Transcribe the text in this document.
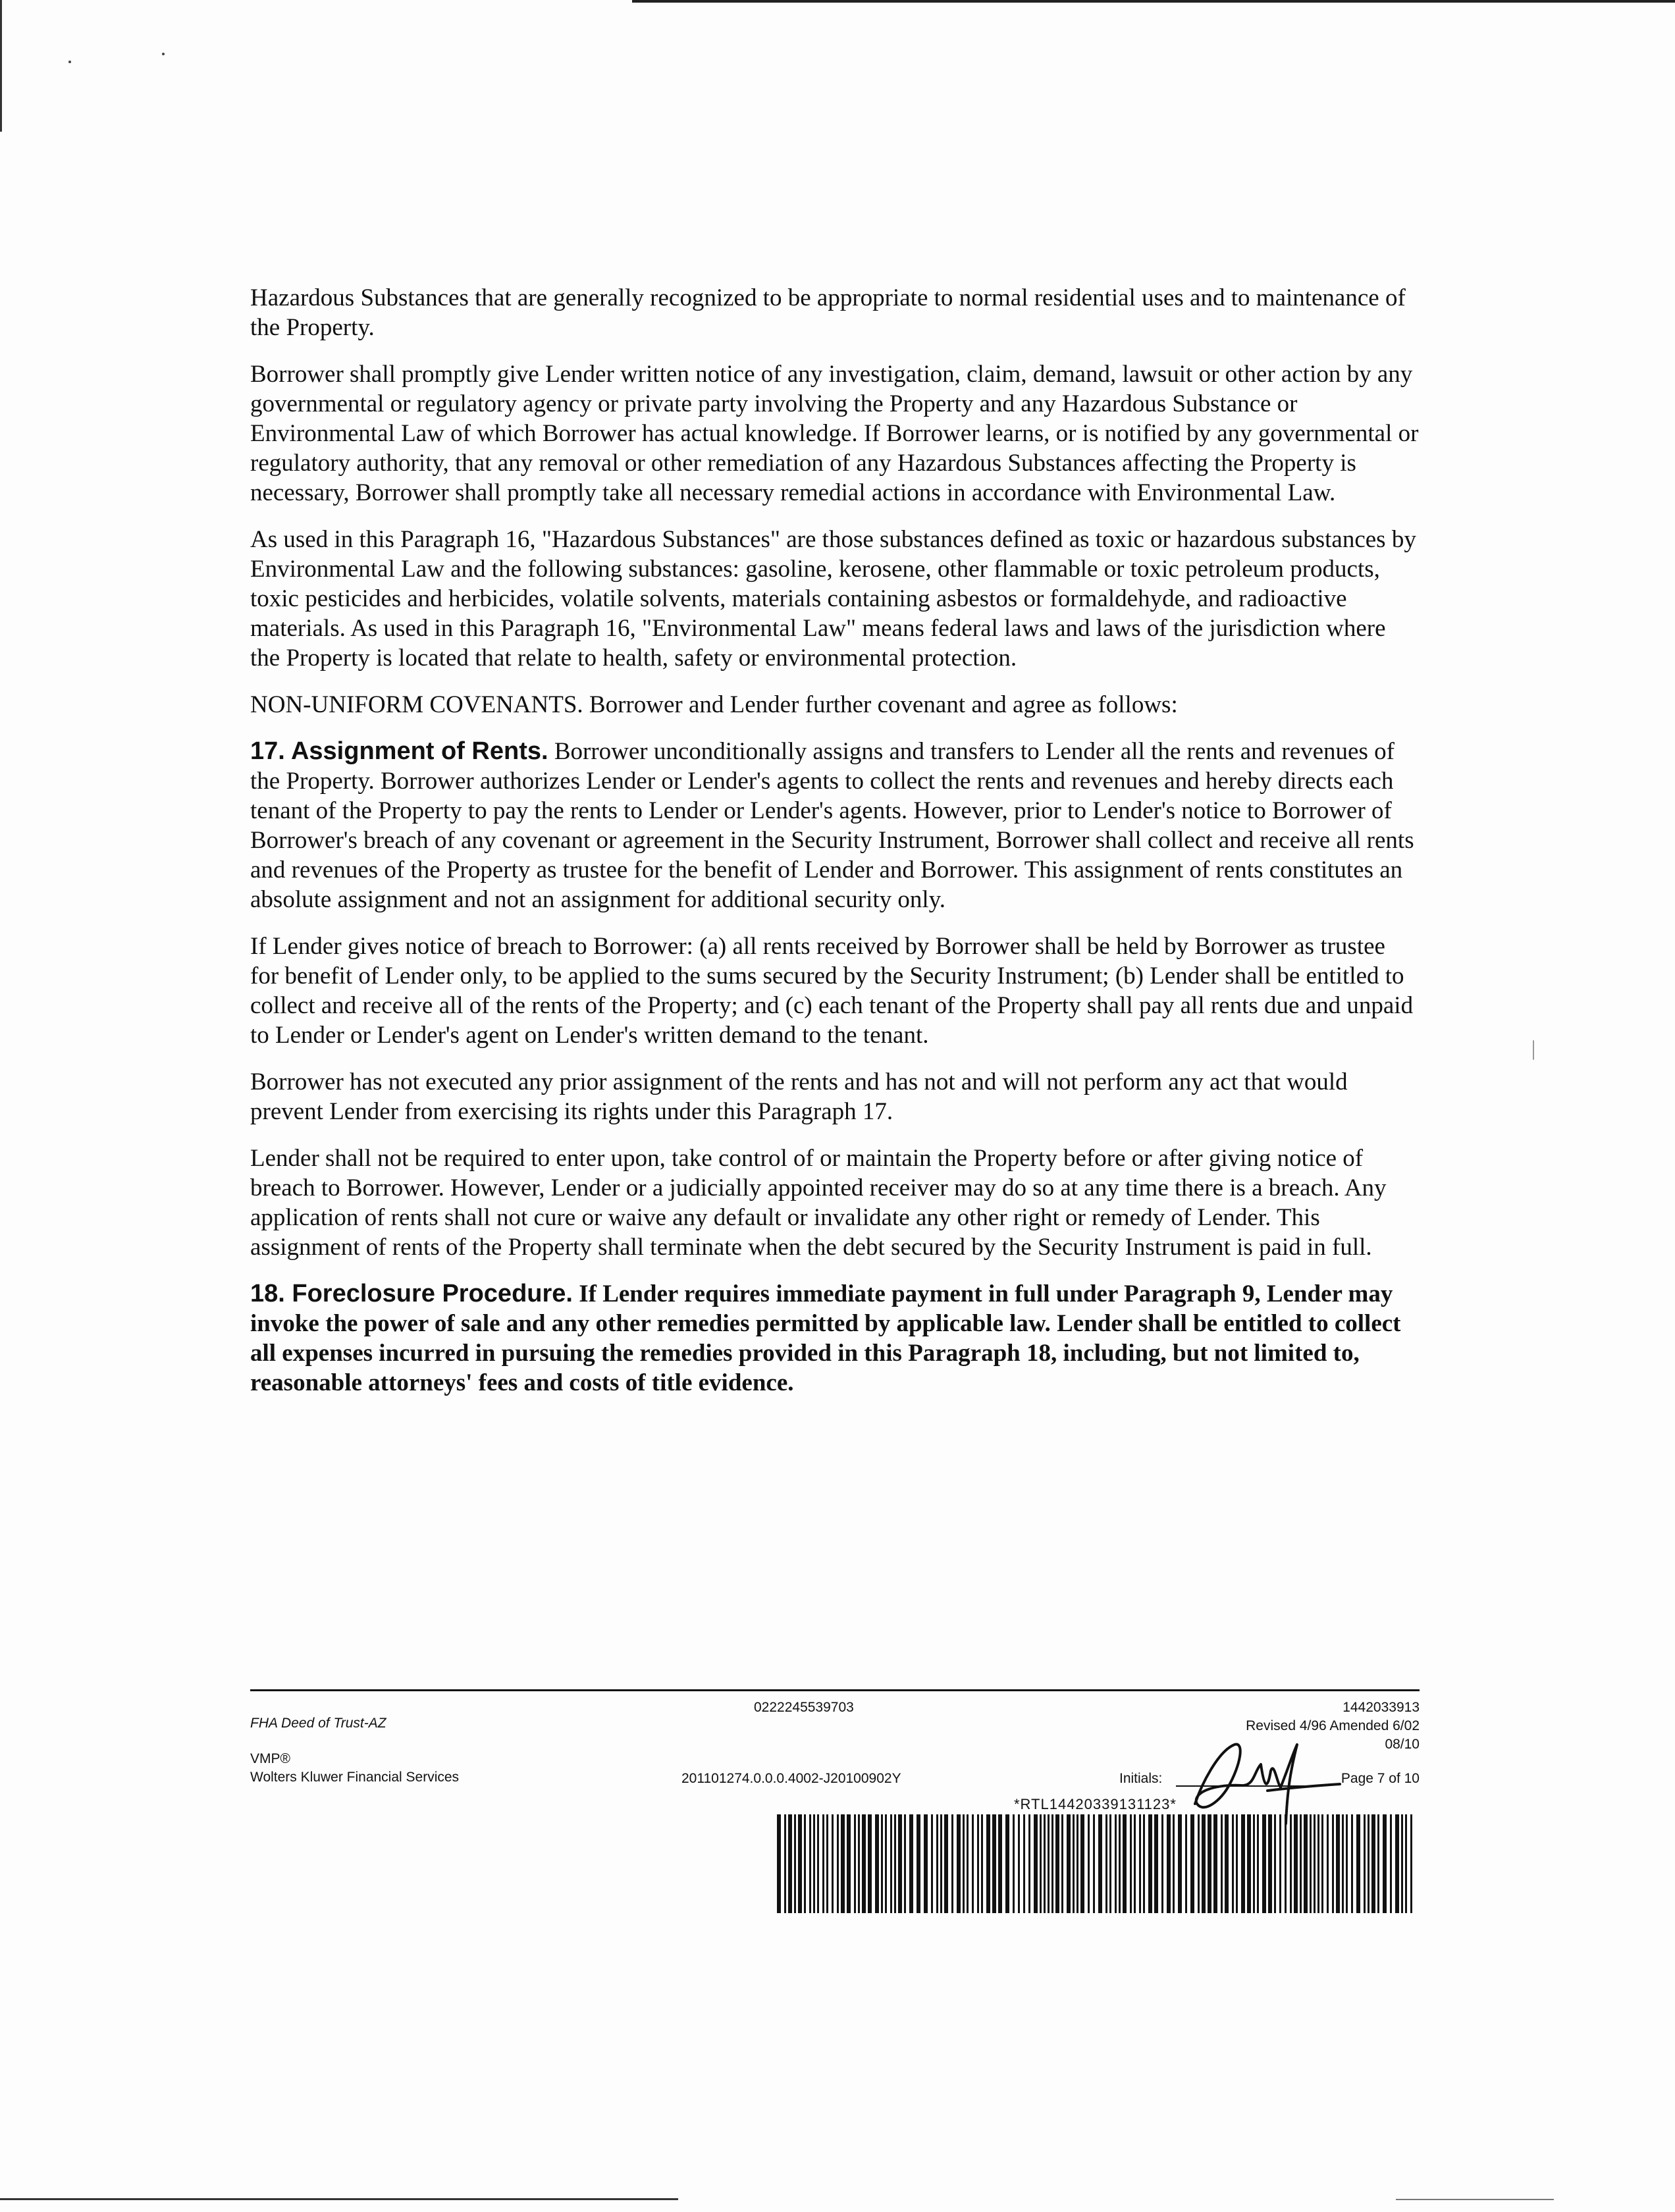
Hazardous Substances that are generally recognized to be appropriate to normal residential uses and to maintenance of the Property.

Borrower shall promptly give Lender written notice of any investigation, claim, demand, lawsuit or other action by any governmental or regulatory agency or private party involving the Property and any Hazardous Substance or Environmental Law of which Borrower has actual knowledge. If Borrower learns, or is notified by any governmental or regulatory authority, that any removal or other remediation of any Hazardous Substances affecting the Property is necessary, Borrower shall promptly take all necessary remedial actions in accordance with Environmental Law.

As used in this Paragraph 16, "Hazardous Substances" are those substances defined as toxic or hazardous substances by Environmental Law and the following substances: gasoline, kerosene, other flammable or toxic petroleum products, toxic pesticides and herbicides, volatile solvents, materials containing asbestos or formaldehyde, and radioactive materials. As used in this Paragraph 16, "Environmental Law" means federal laws and laws of the jurisdiction where the Property is located that relate to health, safety or environmental protection.

NON-UNIFORM COVENANTS. Borrower and Lender further covenant and agree as follows:

17. Assignment of Rents. Borrower unconditionally assigns and transfers to Lender all the rents and revenues of the Property. Borrower authorizes Lender or Lender's agents to collect the rents and revenues and hereby directs each tenant of the Property to pay the rents to Lender or Lender's agents. However, prior to Lender's notice to Borrower of Borrower's breach of any covenant or agreement in the Security Instrument, Borrower shall collect and receive all rents and revenues of the Property as trustee for the benefit of Lender and Borrower. This assignment of rents constitutes an absolute assignment and not an assignment for additional security only.

If Lender gives notice of breach to Borrower: (a) all rents received by Borrower shall be held by Borrower as trustee for benefit of Lender only, to be applied to the sums secured by the Security Instrument; (b) Lender shall be entitled to collect and receive all of the rents of the Property; and (c) each tenant of the Property shall pay all rents due and unpaid to Lender or Lender's agent on Lender's written demand to the tenant.

Borrower has not executed any prior assignment of the rents and has not and will not perform any act that would prevent Lender from exercising its rights under this Paragraph 17.

Lender shall not be required to enter upon, take control of or maintain the Property before or after giving notice of breach to Borrower. However, Lender or a judicially appointed receiver may do so at any time there is a breach. Any application of rents shall not cure or waive any default or invalidate any other right or remedy of Lender. This assignment of rents of the Property shall terminate when the debt secured by the Security Instrument is paid in full.

18. Foreclosure Procedure. If Lender requires immediate payment in full under Paragraph 9, Lender may invoke the power of sale and any other remedies permitted by applicable law. Lender shall be entitled to collect all expenses incurred in pursuing the remedies provided in this Paragraph 18, including, but not limited to, reasonable attorneys' fees and costs of title evidence.

FHA Deed of Trust-AZ
VMP®
Wolters Kluwer Financial Services
0222245539703
201101274.0.0.0.4002-J20100902Y
1442033913
Revised 4/96 Amended 6/02
08/10
Initials:	Page 7 of 10
*RTL14420339131123*
